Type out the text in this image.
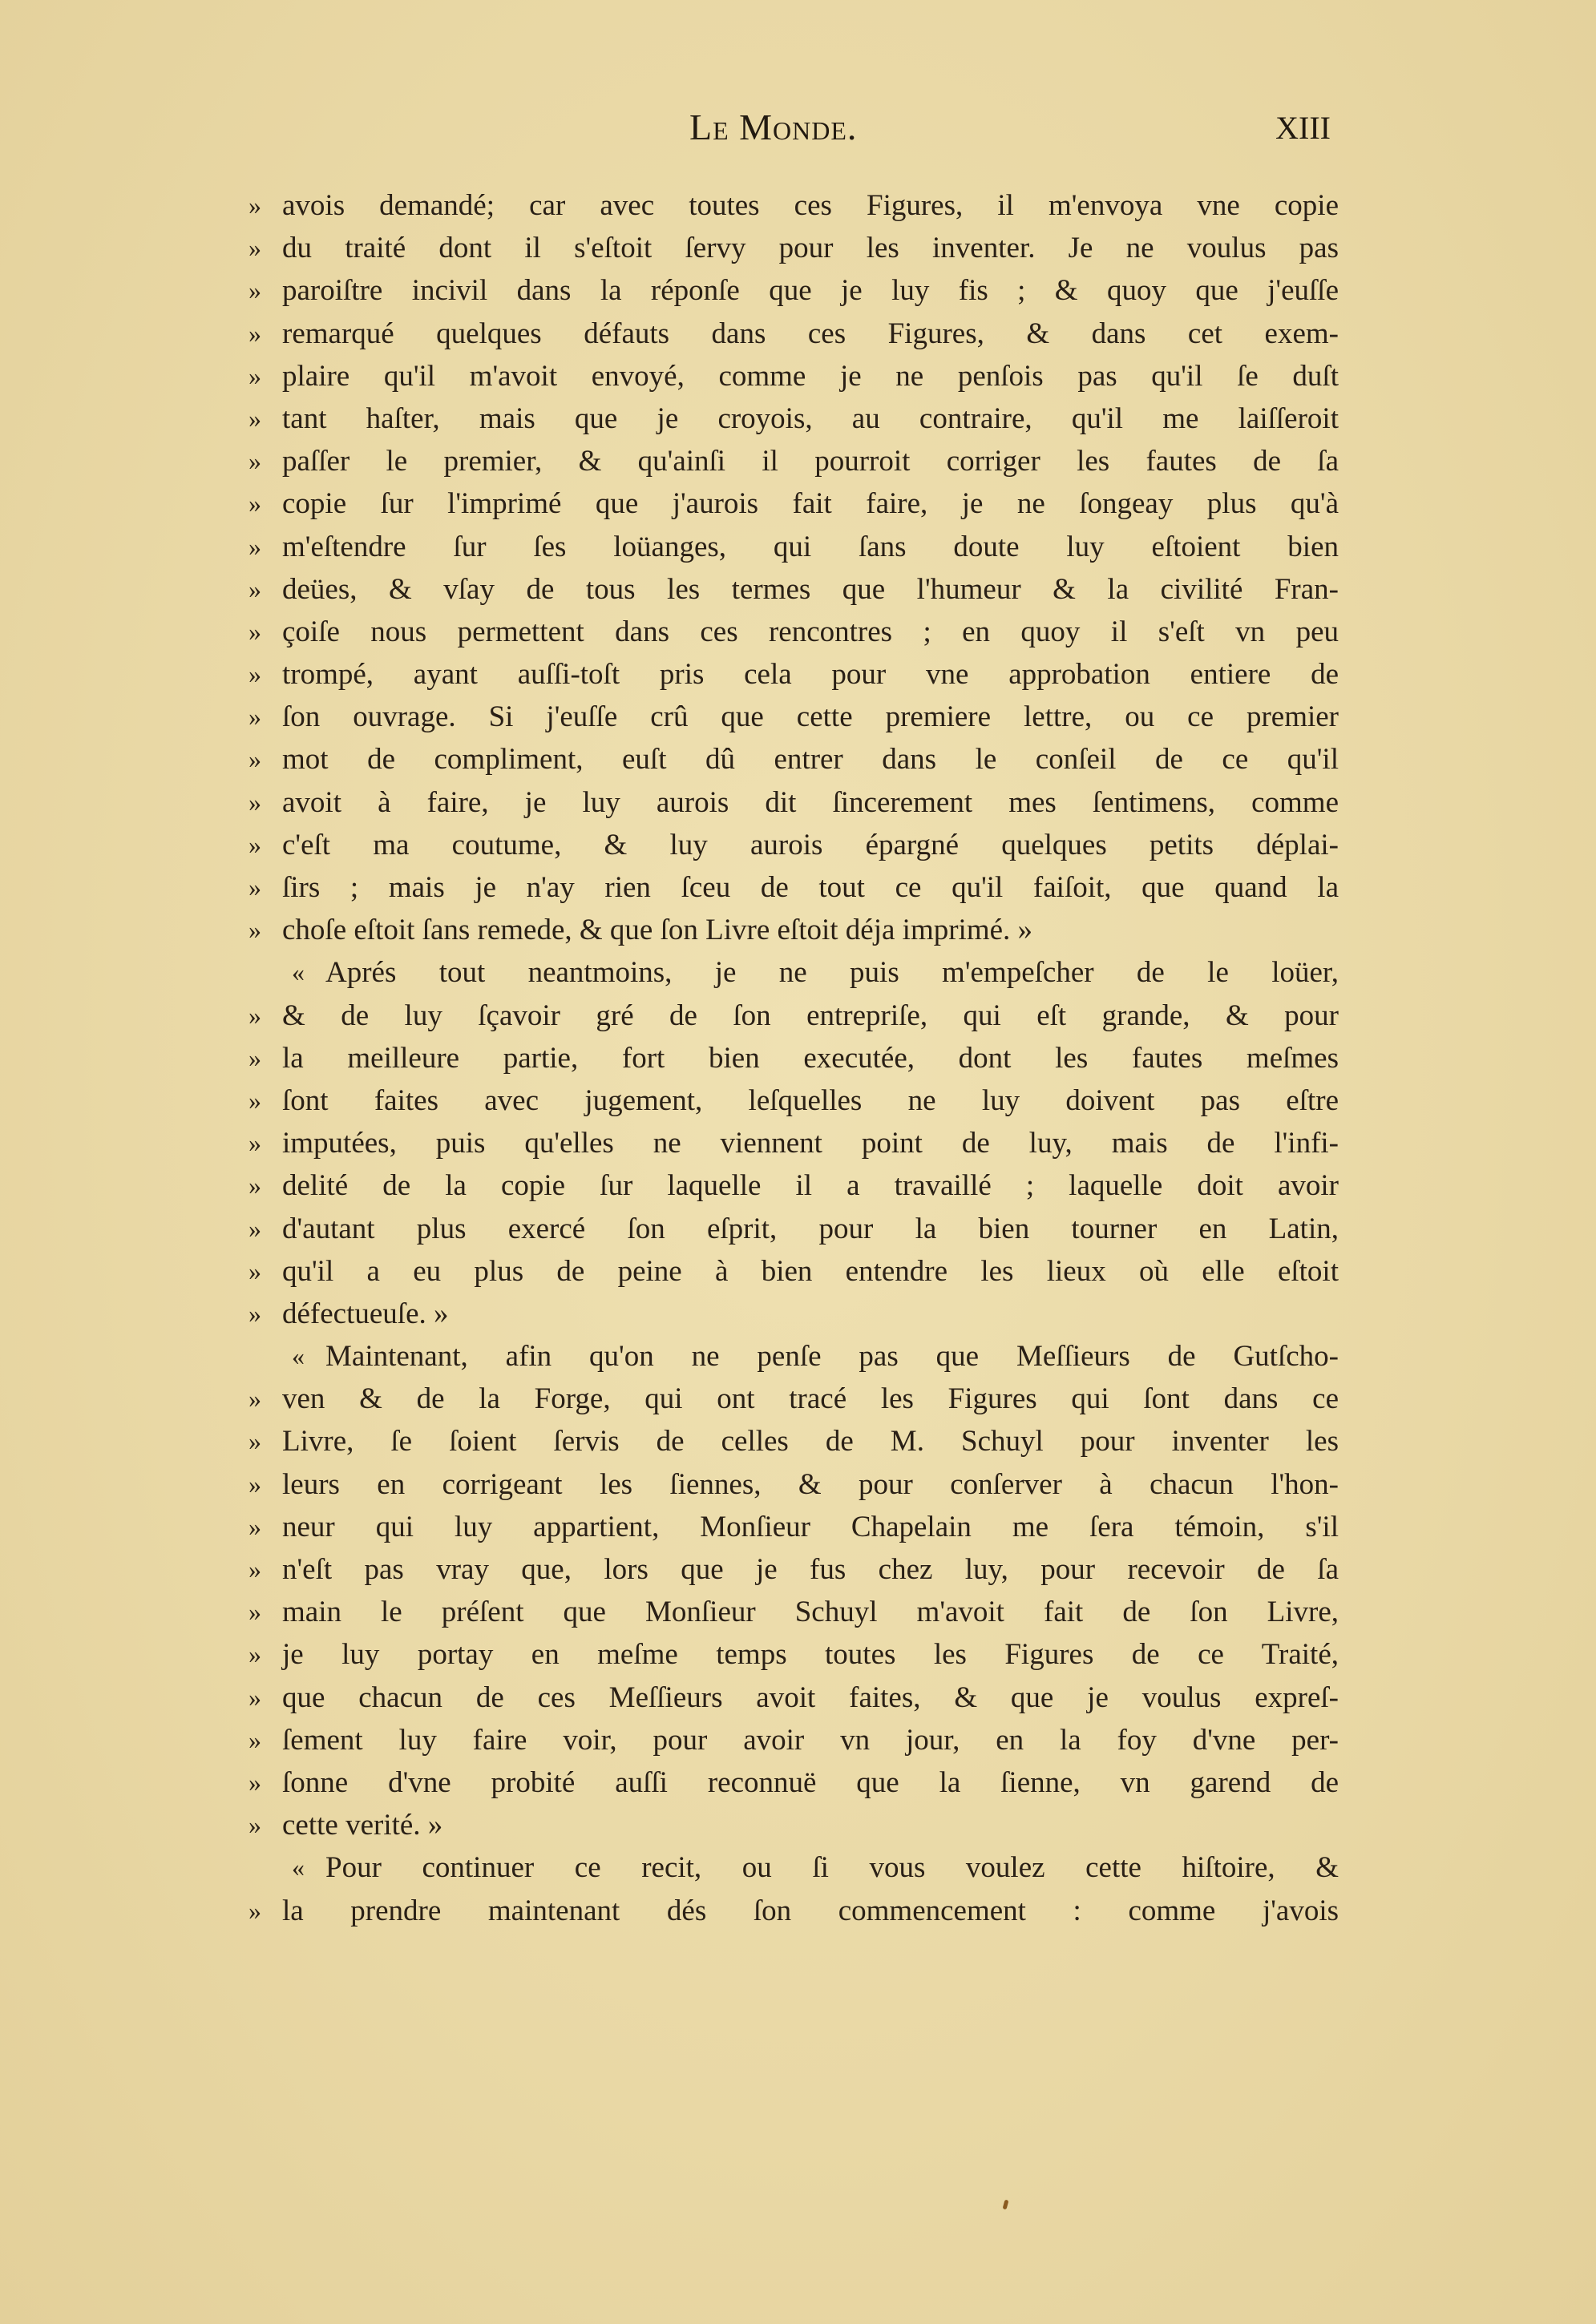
Le Monde.	XIII
» avois demandé; car avec toutes ces Figures, il m'envoya vne copie
» du traité dont il s'eſtoit ſervy pour les inventer. Je ne voulus pas
» paroiſtre incivil dans la réponſe que je luy fis ; & quoy que j'euſſe
» remarqué quelques défauts dans ces Figures, & dans cet exem-
» plaire qu'il m'avoit envoyé, comme je ne penſois pas qu'il ſe duſt
» tant haſter, mais que je croyois, au contraire, qu'il me laiſſeroit
» paſſer le premier, & qu'ainſi il pourroit corriger les fautes de ſa
» copie ſur l'imprimé que j'aurois fait faire, je ne ſongeay plus qu'à
» m'eſtendre ſur ſes loüanges, qui ſans doute luy eſtoient bien
» deües, & vſay de tous les termes que l'humeur & la civilité Fran-
» çoiſe nous permettent dans ces rencontres ; en quoy il s'eſt vn peu
» trompé, ayant auſſi-toſt pris cela pour vne approbation entiere de
» ſon ouvrage. Si j'euſſe crû que cette premiere lettre, ou ce premier
» mot de compliment, euſt dû entrer dans le conſeil de ce qu'il
» avoit à faire, je luy aurois dit ſincerement mes ſentimens, comme
» c'eſt ma coutume, & luy aurois épargné quelques petits déplai-
» ſirs ; mais je n'ay rien ſceu de tout ce qu'il faiſoit, que quand la
» choſe eſtoit ſans remede, & que ſon Livre eſtoit déja imprimé. »
« Aprés tout neantmoins, je ne puis m'empeſcher de le loüer,
» & de luy ſçavoir gré de ſon entrepriſe, qui eſt grande, & pour
» la meilleure partie, fort bien executée, dont les fautes meſmes
» ſont faites avec jugement, leſquelles ne luy doivent pas eſtre
» imputées, puis qu'elles ne viennent point de luy, mais de l'infi-
» delité de la copie ſur laquelle il a travaillé ; laquelle doit avoir
» d'autant plus exercé ſon eſprit, pour la bien tourner en Latin,
» qu'il a eu plus de peine à bien entendre les lieux où elle eſtoit
» défectueuſe. »
« Maintenant, afin qu'on ne penſe pas que Meſſieurs de Gutſcho-
» ven & de la Forge, qui ont tracé les Figures qui ſont dans ce
» Livre, ſe ſoient ſervis de celles de M. Schuyl pour inventer les
» leurs en corrigeant les ſiennes, & pour conſerver à chacun l'hon-
» neur qui luy appartient, Monſieur Chapelain me ſera témoin, s'il
» n'eſt pas vray que, lors que je fus chez luy, pour recevoir de ſa
» main le préſent que Monſieur Schuyl m'avoit fait de ſon Livre,
» je luy portay en meſme temps toutes les Figures de ce Traité,
» que chacun de ces Meſſieurs avoit faites, & que je voulus expreſ-
» ſement luy faire voir, pour avoir vn jour, en la foy d'vne per-
» ſonne d'vne probité auſſi reconnuë que la ſienne, vn garend de
» cette verité. »
« Pour continuer ce recit, ou ſi vous voulez cette hiſtoire, &
» la prendre maintenant dés ſon commencement : comme j'avois
